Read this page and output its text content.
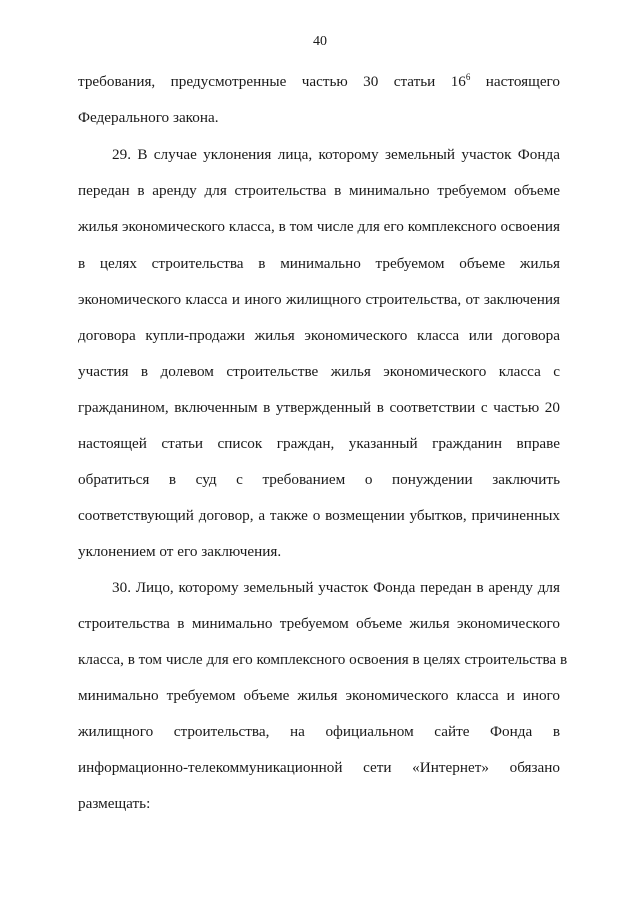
40
требования, предусмотренные частью 30 статьи $16^6$ настоящего
Федерального закона.
29. В случае уклонения лица, которому земельный участок Фонда
передан в аренду для строительства в минимально требуемом объеме
жилья экономического класса, в том числе для его комплексного освоения
в целях строительства в минимально требуемом объеме жилья
экономического класса и иного жилищного строительства, от заключения
договора купли-продажи жилья экономического класса или договора
участия в долевом строительстве жилья экономического класса с
гражданином, включенным в утвержденный в соответствии с частью 20
настоящей статьи список граждан, указанный гражданин вправе
обратиться в суд с требованием о понуждении заключить
соответствующий договор, а также о возмещении убытков, причиненных
уклонением от его заключения.
30. Лицо, которому земельный участок Фонда передан в аренду для
строительства в минимально требуемом объеме жилья экономического
класса, в том числе для его комплексного освоения в целях строительства в
минимально требуемом объеме жилья экономического класса и иного
жилищного строительства, на официальном сайте Фонда в
информационно-телекоммуникационной сети «Интернет» обязано
размещать:
